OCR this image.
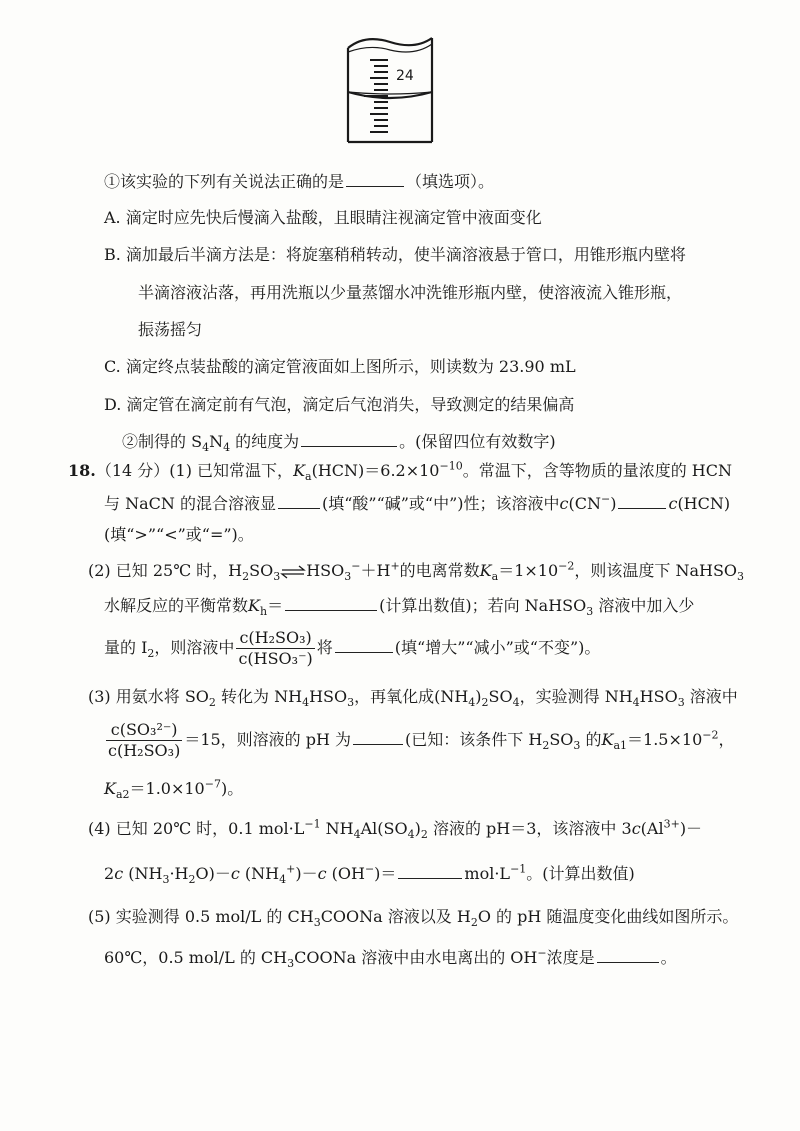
24
①该实验的下列有关说法正确的是	（填选项）。
A. 滴定时应先快后慢滴入盐酸，且眼睛注视滴定管中液面变化
B. 滴加最后半滴方法是：将旋塞稍稍转动，使半滴溶液悬于管口，用锥形瓶内壁将
半滴溶液沾落，再用洗瓶以少量蒸馏水冲洗锥形瓶内壁，使溶液流入锥形瓶，
振荡摇匀
C. 滴定终点装盐酸的滴定管液面如上图所示，则读数为 23.90 mL
D. 滴定管在滴定前有气泡，滴定后气泡消失，导致测定的结果偏高
②制得的 $S_4N_4$ 的纯度为	。(保留四位有效数字)
18.（14 分）(1) 已知常温下，$K_a(HCN)=6.2\times 10^{-10}$。常温下，含等物质的量浓度的 HCN
与 NaCN 的混合溶液显	(填“酸”“碱”或“中”)性；该溶液中c(CN−)	c(HCN)
(填“>”“<”或“=”)。
(2) 已知 25℃ 时，$H_2SO_3\rightleftharpoons HSO_3^-+H^+$的电离常数$K_a=1\times 10^{-2}$，则该温度下 NaHSO$_3$
水解反应的平衡常数$K_h=$	(计算出数值)；若向 NaHSO$_3$ 溶液中加入少
量的 $I_2$，则溶液中 $\frac{\text{c(H₂SO₃)}}{\text{c(HSO₃⁻)}}$ 将	(填“增大”“减小”或“不变”)。
(3) 用氨水将 $SO_2$ 转化为 $NH_4HSO_3$，再氧化成$(NH_4)_2SO_4$，实验测得 $NH_4HSO_3$ 溶液中
$\frac{\text{c(SO₃²⁻)}}{\text{c(H₂SO₃)}} =15$，则溶液的 pH 为	(已知：该条件下 $H_2SO_3$ 的$K_{a1}=1.5\times 10^{-2}$，
$K_{a2}=1.0\times 10^{-7}$)。
(4) 已知 20℃ 时，0.1 $mol\cdot L^{-1}$ $NH_4Al(SO_4)_2$ 溶液的 pH＝3，该溶液中 $3c(Al^{3+})-$
2c $(NH_3\cdot H_2O)-c$ $(NH_4^+)-c$ (OH−)＝	$mol\cdot L^{-1}$。(计算出数值)
(5) 实验测得 0.5 mol/L 的 $CH_3COONa$ 溶液以及 $H_2O$ 的 pH 随温度变化曲线如图所示。
60℃，0.5 mol/L 的 $CH_3COONa$ 溶液中由水电离出的 OH−浓度是	。
